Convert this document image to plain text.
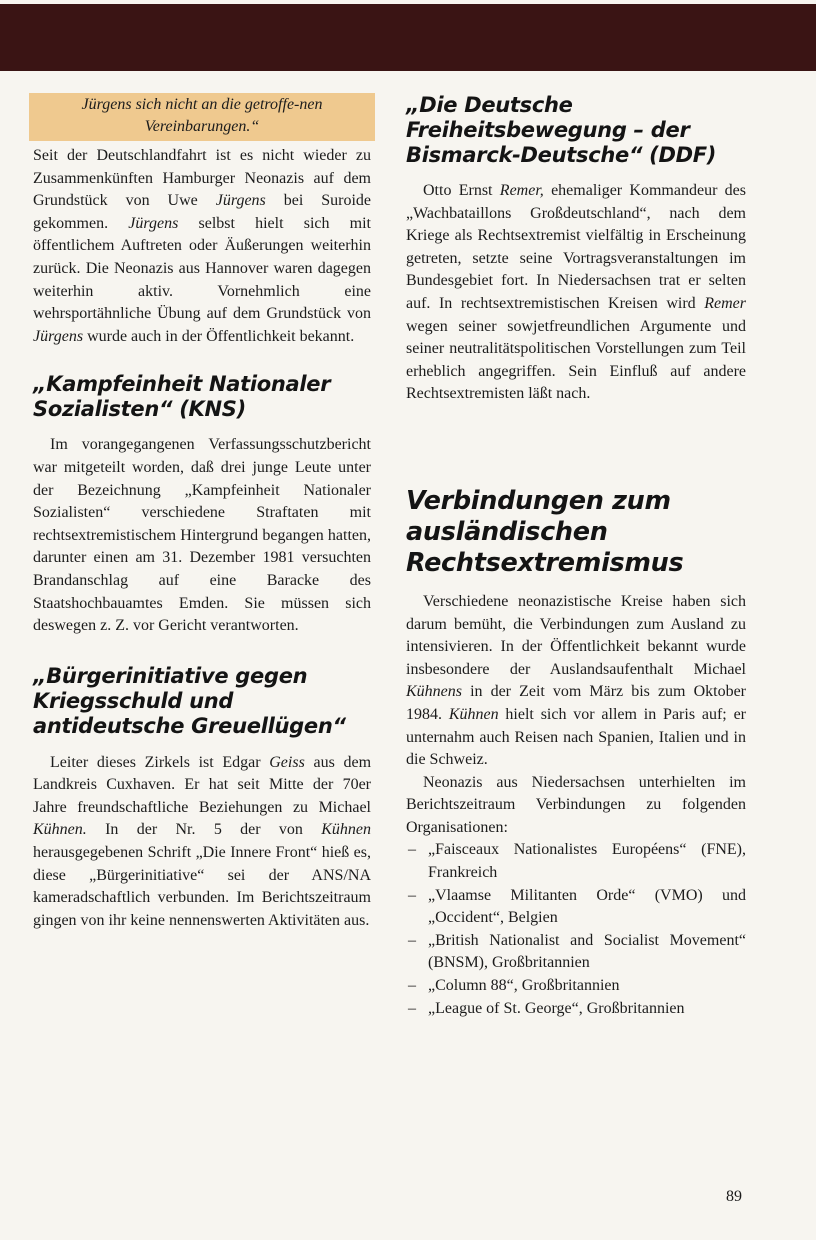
Jürgens sich nicht an die getroffe-nen Vereinbarungen.“

Seit der Deutschlandfahrt ist es nicht wieder zu Zusammenkünften Hamburger Neonazis auf dem Grundstück von Uwe Jürgens bei Suroide gekommen. Jürgens selbst hielt sich mit öffentlichem Auftreten oder Äußerungen weiterhin zurück. Die Neonazis aus Hannover waren dagegen weiterhin aktiv. Vornehmlich eine wehrsportähnliche Übung auf dem Grundstück von Jürgens wurde auch in der Öffentlichkeit bekannt.

„Kampfeinheit Nationaler Sozialisten“ (KNS)

Im vorangegangenen Verfassungsschutzbericht war mitgeteilt worden, daß drei junge Leute unter der Bezeichnung „Kampfeinheit Nationaler Sozialisten“ verschiedene Straftaten mit rechtsextremistischem Hintergrund begangen hatten, darunter einen am 31. Dezember 1981 versuchten Brandanschlag auf eine Baracke des Staatshochbauamtes Emden. Sie müssen sich deswegen z. Z. vor Gericht verantworten.

„Bürgerinitiative gegen Kriegsschuld und antideutsche Greuellügen“

Leiter dieses Zirkels ist Edgar Geiss aus dem Landkreis Cuxhaven. Er hat seit Mitte der 70er Jahre freundschaftliche Beziehungen zu Michael Kühnen. In der Nr. 5 der von Kühnen herausgegebenen Schrift „Die Innere Front“ hieß es, diese „Bürgerinitiative“ sei der ANS/NA kameradschaftlich verbunden. Im Berichtszeitraum gingen von ihr keine nennenswerten Aktivitäten aus.

„Die Deutsche Freiheitsbewegung – der Bismarck-Deutsche“ (DDF)

Otto Ernst Remer, ehemaliger Kommandeur des „Wachbataillons Großdeutschland“, nach dem Kriege als Rechtsextremist vielfältig in Erscheinung getreten, setzte seine Vortragsveranstaltungen im Bundesgebiet fort. In Niedersachsen trat er selten auf. In rechtsextremistischen Kreisen wird Remer wegen seiner sowjetfreundlichen Argumente und seiner neutralitätspolitischen Vorstellungen zum Teil erheblich angegriffen. Sein Einfluß auf andere Rechtsextremisten läßt nach.

Verbindungen zum ausländischen Rechtsextremismus

Verschiedene neonazistische Kreise haben sich darum bemüht, die Verbindungen zum Ausland zu intensivieren. In der Öffentlichkeit bekannt wurde insbesondere der Auslandsaufenthalt Michael Kühnens in der Zeit vom März bis zum Oktober 1984. Kühnen hielt sich vor allem in Paris auf; er unternahm auch Reisen nach Spanien, Italien und in die Schweiz.

Neonazis aus Niedersachsen unterhielten im Berichtszeitraum Verbindungen zu folgenden Organisationen:

– „Faisceaux Nationalistes Européens“ (FNE), Frankreich
– „Vlaamse Militanten Orde“ (VMO) und „Occident“, Belgien
– „British Nationalist and Socialist Movement“ (BNSM), Großbritannien
– „Column 88“, Großbritannien
– „League of St. George“, Großbritannien
89
